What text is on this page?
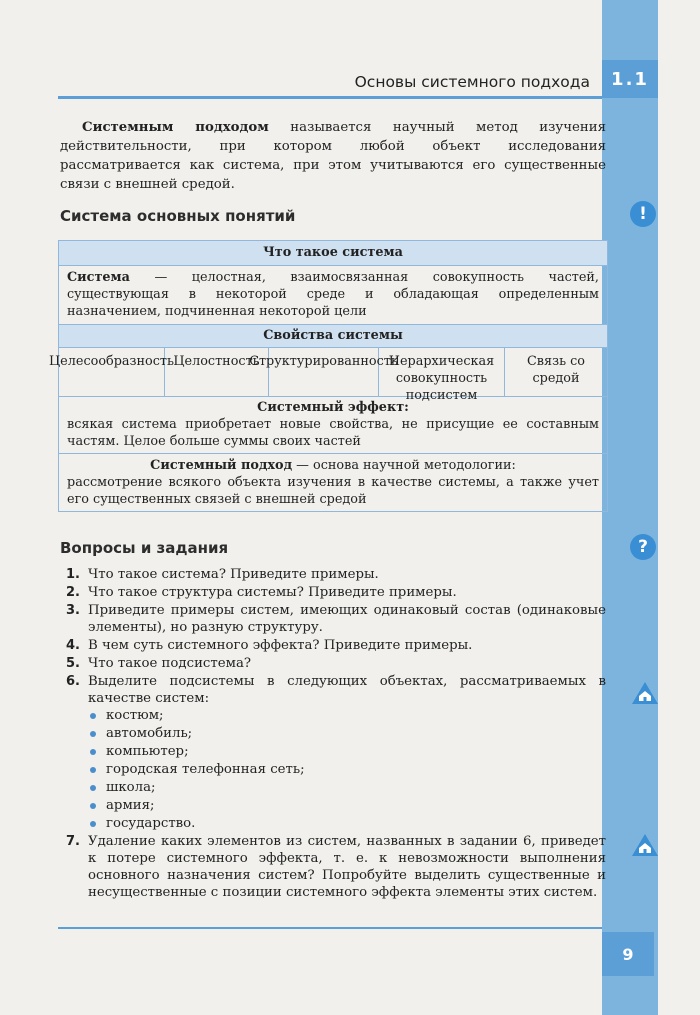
1.1
Основы системного подхода

Системным подходом называется научный метод изучения действительности, при котором любой объект исследования рассматривается как система, при этом учитываются его существенные связи с внешней средой.

Система основных понятий	!
Что такое система
Система — целостная, взаимосвязанная совокупность частей, существующая в некоторой среде и обладающая определенным назначением, подчиненная некоторой цели
Свойства системы
Целесообразность Целостность
Структурированность
Иерархическая совокупность подсистем
Связь со средой
Системный эффект:
всякая система приобретает новые свойства, не присущие ее составным частям. Целое больше суммы своих частей
Системный подход — основа научной методологии:
рассмотрение всякого объекта изучения в качестве системы, а также учет его существенных связей с внешней средой
Вопросы и задания	?
1. Что такое система? Приведите примеры.
2. Что такое структура системы? Приведите примеры.
3. Приведите примеры систем, имеющих одинаковый состав (одинаковые элементы), но разную структуру.
4. В чем суть системного эффекта? Приведите примеры.
5. Что такое подсистема?
6. Выделите подсистемы в следующих объектах, рассматриваемых в качестве систем:
костюм;
автомобиль;
компьютер;
городская телефонная сеть;
школа;
армия;
государство.
7. Удаление каких элементов из систем, названных в задании 6, приведет к потере системного эффекта, т. е. к невозможности выполнения основного назначения систем? Попробуйте выделить существенные и несущественные с позиции системного эффекта элементы этих систем.
9
